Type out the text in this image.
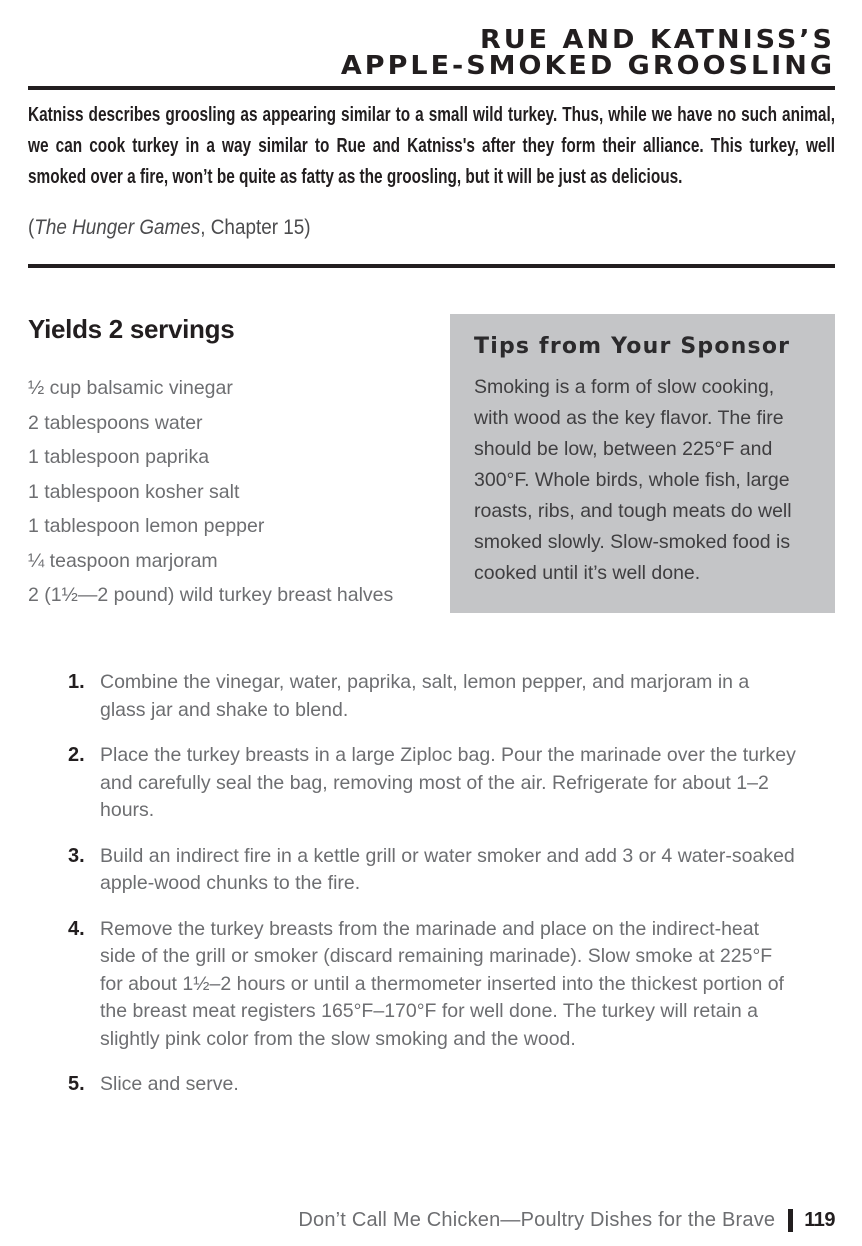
RUE AND KATNISS’S
APPLE-SMOKED GROOSLING

Katniss describes groosling as appearing similar to a small wild turkey. Thus, while we have no such animal, we can cook turkey in a way similar to Rue and Katniss's after they form their alliance. This turkey, well smoked over a fire, won’t be quite as fatty as the groosling, but it will be just as delicious.

(The Hunger Games, Chapter 15)

Yields 2 servings
½ cup balsamic vinegar
2 tablespoons water
1 tablespoon paprika
1 tablespoon kosher salt
1 tablespoon lemon pepper
¼ teaspoon marjoram
2 (1½—2 pound) wild turkey breast halves
Tips from Your Sponsor

Smoking is a form of slow cooking, with wood as the key flavor. The fire should be low, between 225°F and 300°F. Whole birds, whole fish, large roasts, ribs, and tough meats do well smoked slowly. Slow-smoked food is cooked until it’s well done.

1. Combine the vinegar, water, paprika, salt, lemon pepper, and marjoram in a glass jar and shake to blend.
2. Place the turkey breasts in a large Ziploc bag. Pour the marinade over the turkey and carefully seal the bag, removing most of the air. Refrigerate for about 1–2 hours.
3. Build an indirect fire in a kettle grill or water smoker and add 3 or 4 water-soaked apple-wood chunks to the fire.
4. Remove the turkey breasts from the marinade and place on the indirect-heat side of the grill or smoker (discard remaining marinade). Slow smoke at 225°F for about 1½–2 hours or until a thermometer inserted into the thickest portion of the breast meat registers 165°F–170°F for well done. The turkey will retain a slightly pink color from the slow smoking and the wood.
5. Slice and serve.
Don’t Call Me Chicken—Poultry Dishes for the Brave 119
